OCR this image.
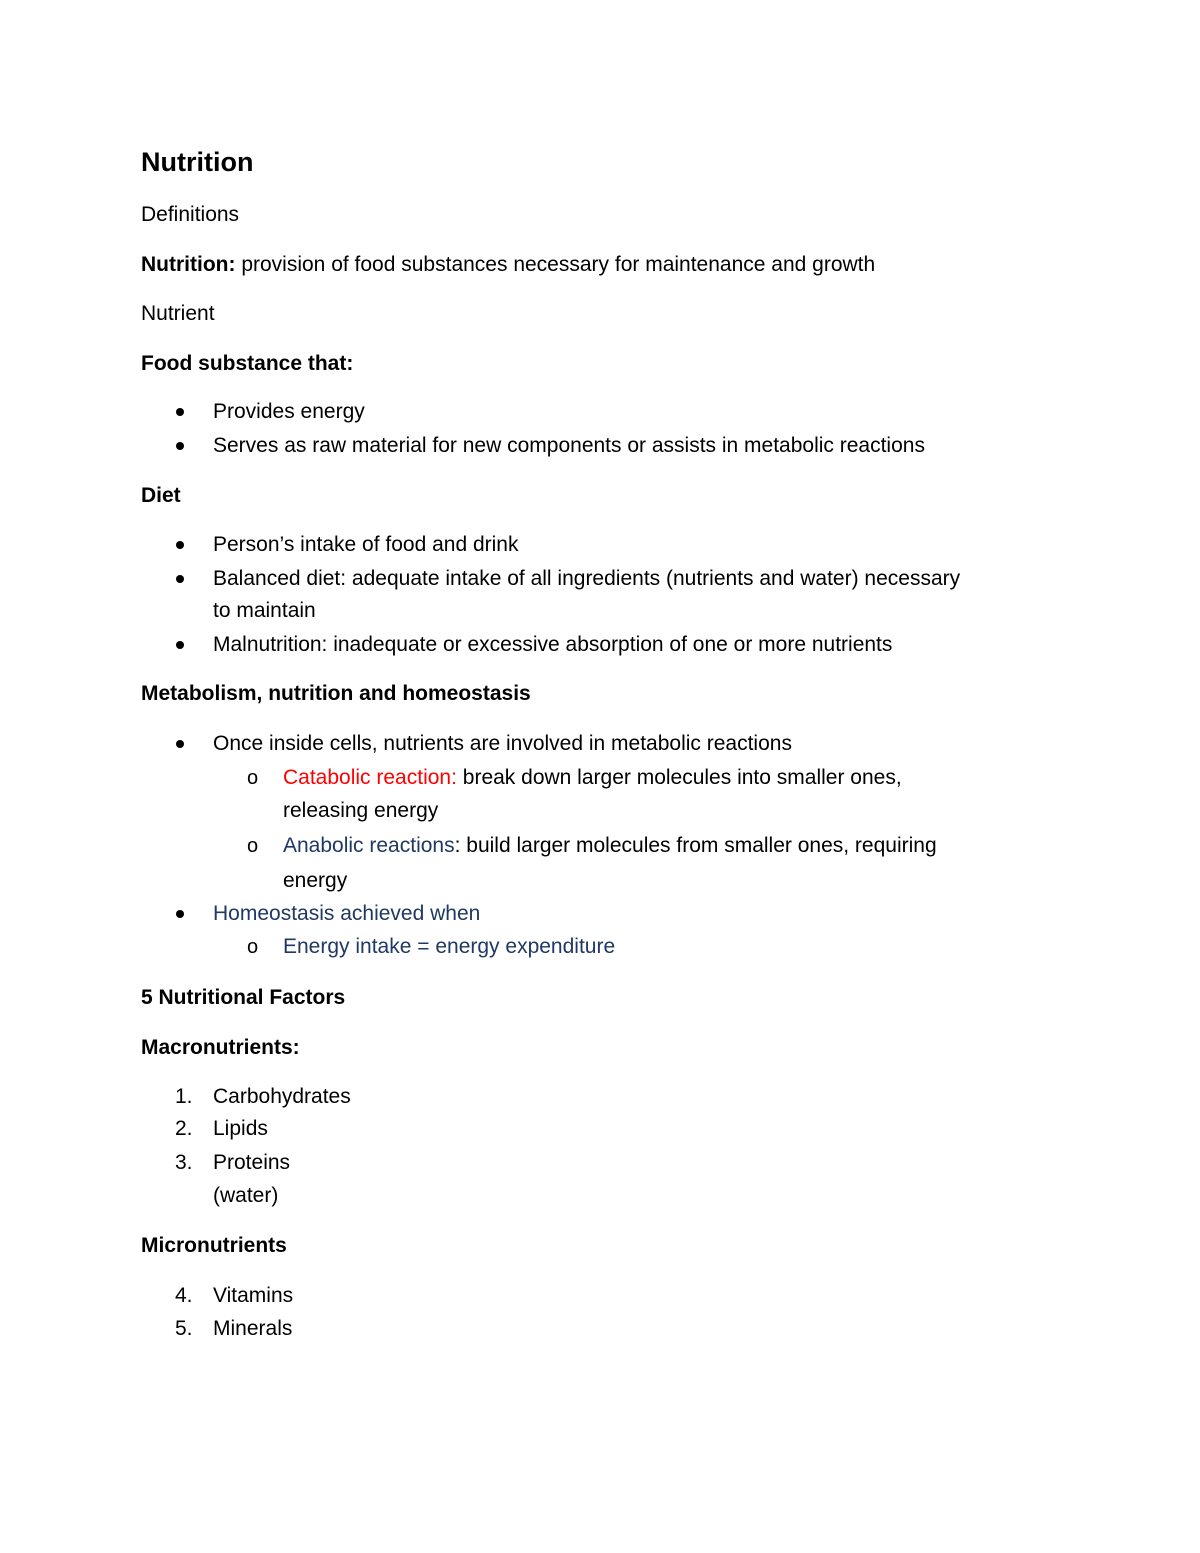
Nutrition
Definitions
Nutrition: provision of food substances necessary for maintenance and growth
Nutrient
Food substance that:
Provides energy
Serves as raw material for new components or assists in metabolic reactions
Diet
Person’s intake of food and drink
Balanced diet: adequate intake of all ingredients (nutrients and water) necessary
to maintain
Malnutrition: inadequate or excessive absorption of one or more nutrients
Metabolism, nutrition and homeostasis
Once inside cells, nutrients are involved in metabolic reactions
o Catabolic reaction: break down larger molecules into smaller ones,
releasing energy
o Anabolic reactions: build larger molecules from smaller ones, requiring
energy
Homeostasis achieved when
o Energy intake = energy expenditure
5 Nutritional Factors
Macronutrients:
1. Carbohydrates
2. Lipids
3. Proteins
(water)
Micronutrients
4. Vitamins
5. Minerals
